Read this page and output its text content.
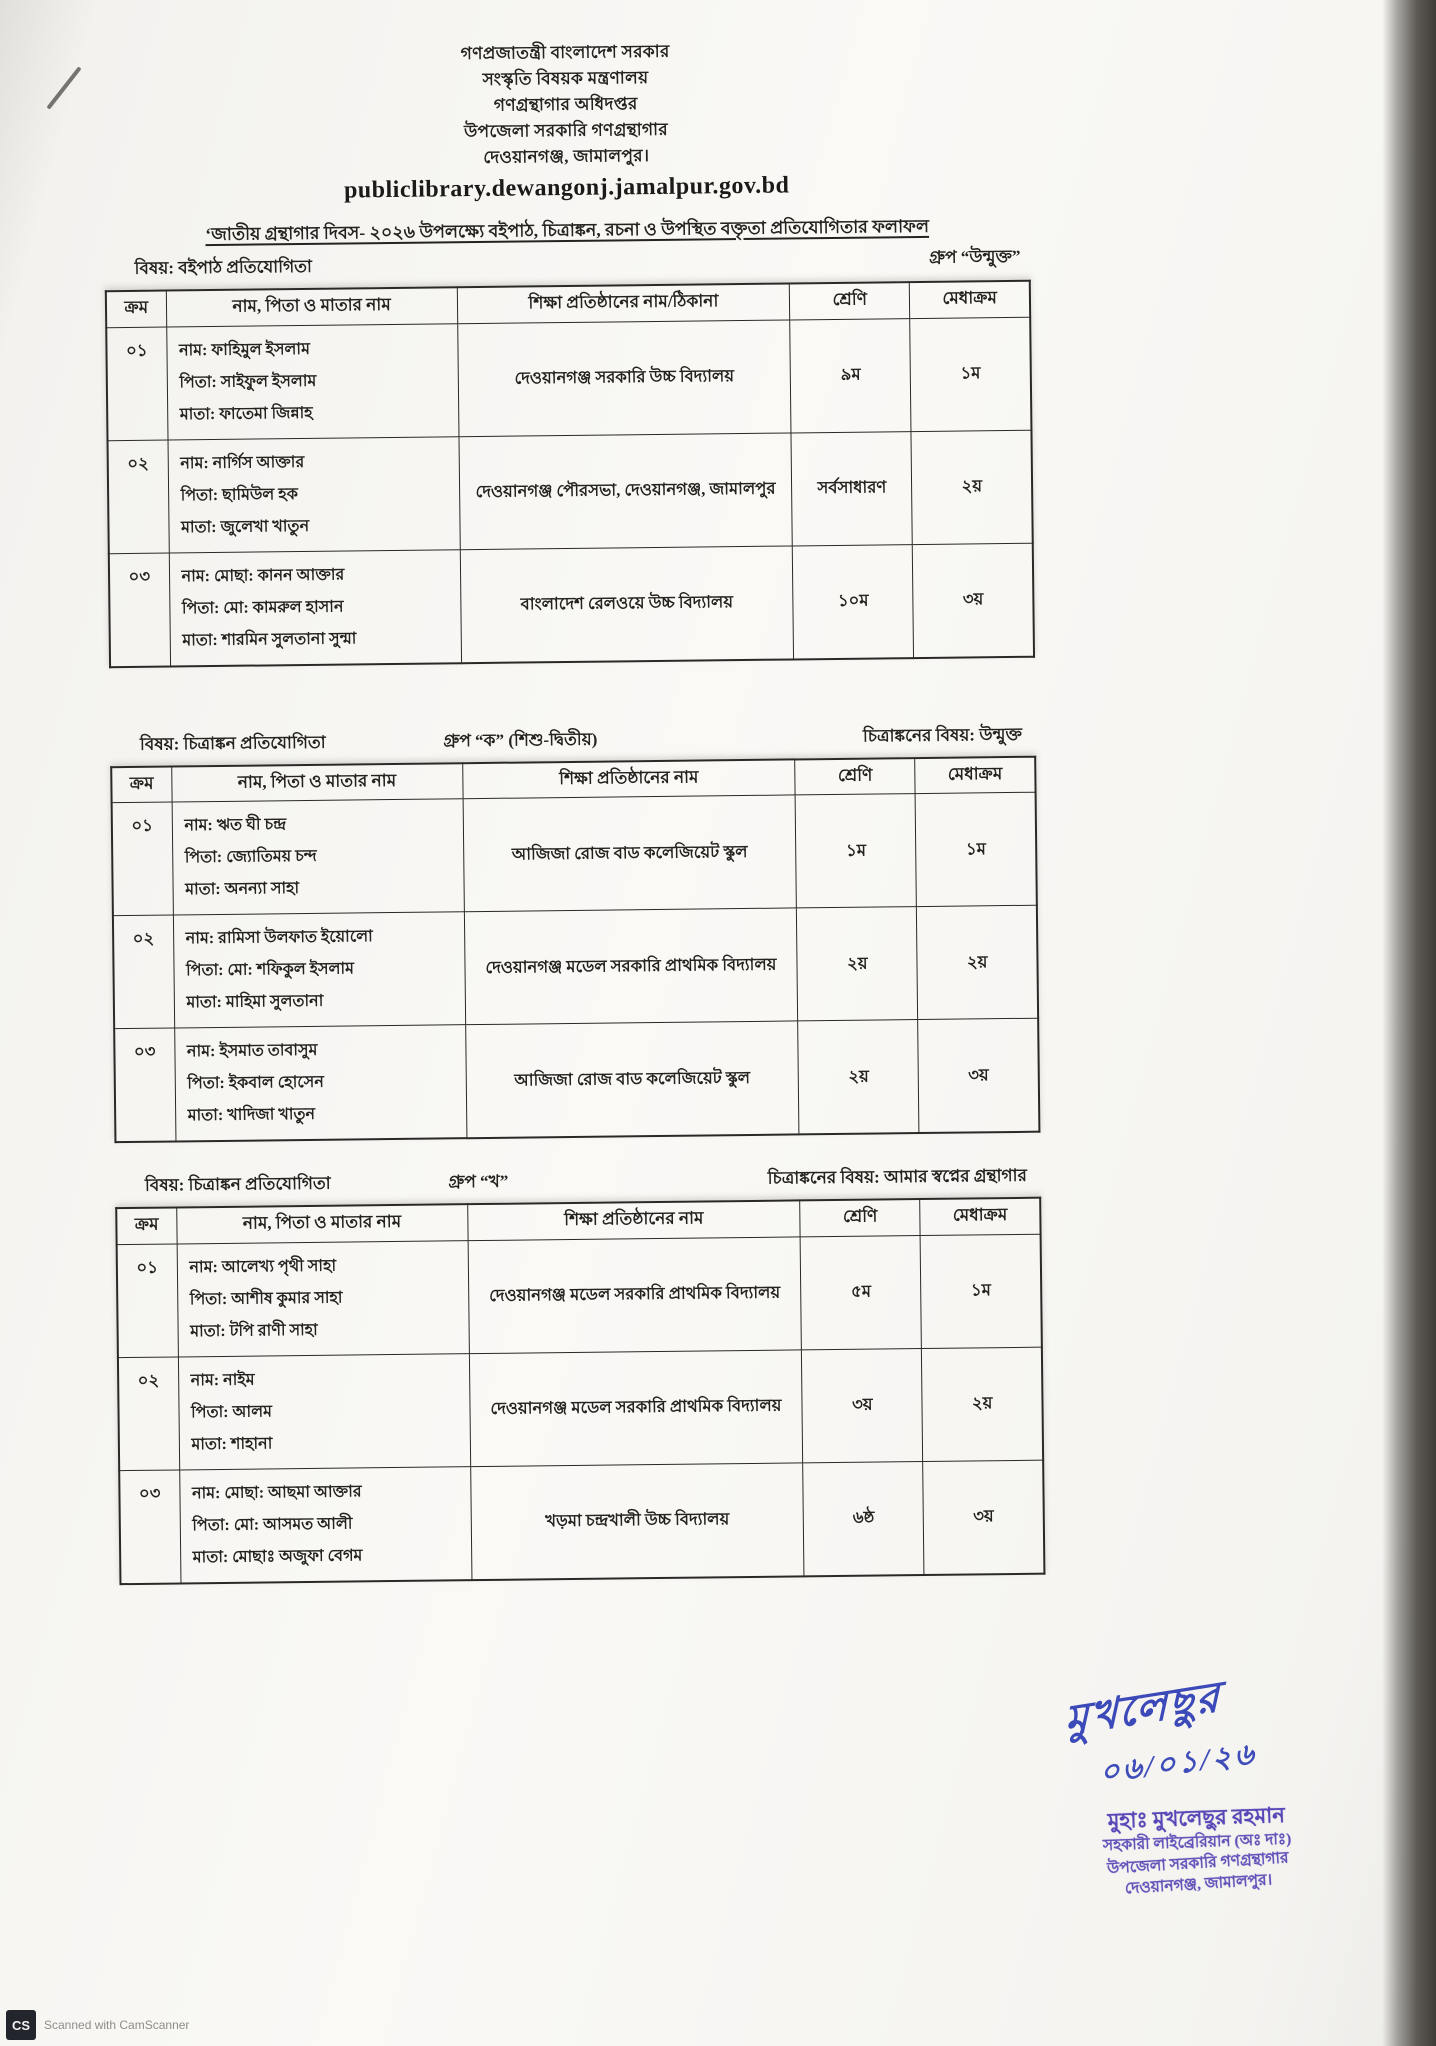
গণপ্রজাতন্ত্রী বাংলাদেশ সরকার
সংস্কৃতি বিষয়ক মন্ত্রণালয়
গণগ্রন্থাগার অধিদপ্তর
উপজেলা সরকারি গণগ্রন্থাগার
দেওয়ানগঞ্জ, জামালপুর।
publiclibrary.dewangonj.jamalpur.gov.bd
‘জাতীয় গ্রন্থাগার দিবস- ২০২৬ উপলক্ষ্যে বইপাঠ, চিত্রাঙ্কন, রচনা ও উপস্থিত বক্তৃতা প্রতিযোগিতার ফলাফল
বিষয়: বইপাঠ প্রতিযোগিতা
গ্রুপ “উন্মুক্ত”
ক্রম	নাম, পিতা ও মাতার নাম	শিক্ষা প্রতিষ্ঠানের নাম/ঠিকানা	শ্রেণি	মেধাক্রম
০১	নাম: ফাহিমুল ইসলাম
পিতা: সাইফুল ইসলাম
মাতা: ফাতেমা জিন্নাহ	দেওয়ানগঞ্জ সরকারি উচ্চ বিদ্যালয়	৯ম	১ম
০২	নাম: নার্গিস আক্তার
পিতা: ছামিউল হক
মাতা: জুলেখা খাতুন	দেওয়ানগঞ্জ পৌরসভা, দেওয়ানগঞ্জ, জামালপুর	সর্বসাধারণ	২য়
০৩	নাম: মোছা: কানন আক্তার
পিতা: মো: কামরুল হাসান
মাতা: শারমিন সুলতানা সুন্মা	বাংলাদেশ রেলওয়ে উচ্চ বিদ্যালয়	১০ম	৩য়
বিষয়: চিত্রাঙ্কন প্রতিযোগিতা	গ্রুপ “ক” (শিশু-দ্বিতীয়)	চিত্রাঙ্কনের বিষয়: উন্মুক্ত
ক্রম	নাম, পিতা ও মাতার নাম	শিক্ষা প্রতিষ্ঠানের নাম	শ্রেণি	মেধাক্রম
০১	নাম: ঋত ঘী চন্দ্র
পিতা: জ্যোতিময় চন্দ
মাতা: অনন্যা সাহা	আজিজা রোজ বাড কলেজিয়েট স্কুল	১ম	১ম
০২	নাম: রামিসা উলফাত ইয়োলো
পিতা: মো: শফিকুল ইসলাম
মাতা: মাহিমা সুলতানা	দেওয়ানগঞ্জ মডেল সরকারি প্রাথমিক বিদ্যালয়	২য়	২য়
০৩	নাম: ইসমাত তাবাসুম
পিতা: ইকবাল হোসেন
মাতা: খাদিজা খাতুন	আজিজা রোজ বাড কলেজিয়েট স্কুল	২য়	৩য়
বিষয়: চিত্রাঙ্কন প্রতিযোগিতা	গ্রুপ “খ”	চিত্রাঙ্কনের বিষয়: আমার স্বপ্নের গ্রন্থাগার
ক্রম	নাম, পিতা ও মাতার নাম	শিক্ষা প্রতিষ্ঠানের নাম	শ্রেণি	মেধাক্রম
০১	নাম: আলেখ্য পৃথী সাহা
পিতা: আশীষ কুমার সাহা
মাতা: টপি রাণী সাহা	দেওয়ানগঞ্জ মডেল সরকারি প্রাথমিক বিদ্যালয়	৫ম	১ম
০২	নাম: নাইম
পিতা: আলম
মাতা: শাহানা	দেওয়ানগঞ্জ মডেল সরকারি প্রাথমিক বিদ্যালয়	৩য়	২য়
০৩	নাম: মোছা: আছমা আক্তার
পিতা: মো: আসমত আলী
মাতা: মোছাঃ অজুফা বেগম	খড়মা চন্দ্রখালী উচ্চ বিদ্যালয়	৬ষ্ঠ	৩য়
মুখলেছুর
০৬/০১/২৬
মুহাঃ মুখলেছুর রহমান
সহকারী লাইব্রেরিয়ান (অঃ দাঃ)
উপজেলা সরকারি গণগ্রন্থাগার
দেওয়ানগঞ্জ, জামালপুর।
CS	Scanned with CamScanner
